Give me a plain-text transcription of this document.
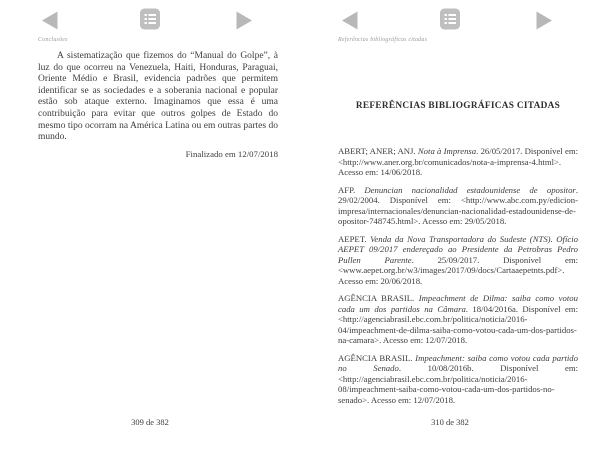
Conclusões

A sistematização que fizemos do “Manual do Golpe”, à luz do que ocorreu na Venezuela, Haiti, Honduras, Paraguai, Oriente Médio e Brasil, evidencia padrões que permitem identificar se as sociedades e a soberania nacional e popular estão sob ataque externo. Imaginamos que essa é uma contribuição para evitar que outros golpes de Estado do mesmo tipo ocorram na América Latina ou em outras partes do mundo.

Finalizado em 12/07/2018
309 de 382
Referências bibliográficas citadas
REFERÊNCIAS BIBLIOGRÁFICAS CITADAS

ABERT; ANER; ANJ. Nota à Imprensa. 26/05/2017. Disponível em: <http://www.aner.org.br/comunicados/nota-a-imprensa-4.html>. Acesso em: 14/06/2018.

AFP. Denuncian nacionalidad estadounidense de opositor. 29/02/2004. Disponível em: <http://www.abc.com.py/edicion-impresa/internacionales/denuncian-nacionalidad-estadounidense-de-opositor-748745.html>. Acesso em: 29/05/2018.

AEPET. Venda da Nova Transportadora do Sudeste (NTS). Ofício AEPET 09/2017 endereçado ao Presidente da Petrobras Pedro Pullen Parente. 25/09/2017. Disponível em: <www.aepet.org.br/w3/images/2017/09/docs/Cartaaepetnts.pdf>. Acesso em: 20/06/2018.

AGÊNCIA BRASIL. Impeachment de Dilma: saiba como votou cada um dos partidos na Câmara. 18/04/2016a. Disponível em: <http://agenciabrasil.ebc.com.br/politica/noticia/2016-04/impeachment-de-dilma-saiba-como-votou-cada-um-dos-partidos-na-camara>. Acesso em: 12/07/2018.

AGÊNCIA BRASIL. Impeachment: saiba como votou cada partido no Senado. 10/08/2016b. Disponível em: <http://agenciabrasil.ebc.com.br/politica/noticia/2016-08/impeachment-saiba-como-votou-cada-um-dos-partidos-no-senado>. Acesso em: 12/07/2018.

310 de 382
